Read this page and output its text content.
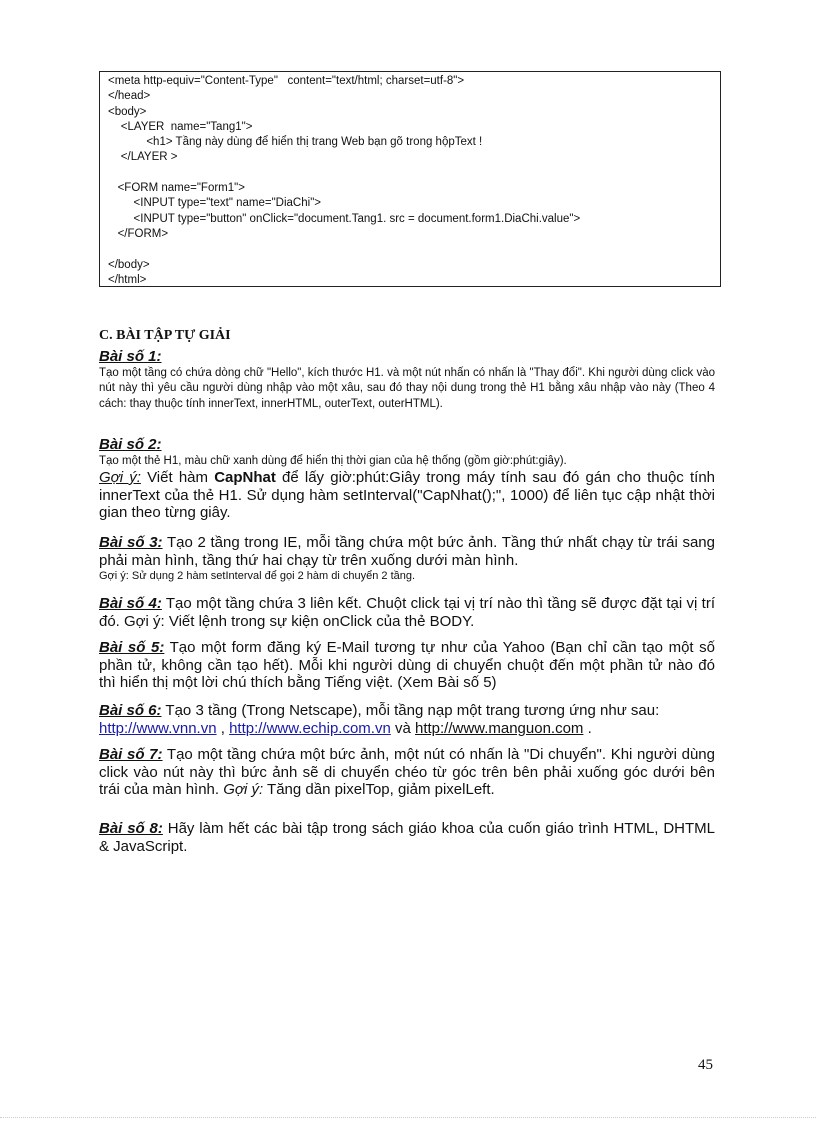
<meta http-equiv="Content-Type"   content="text/html; charset=utf-8">
</head>
<body>
<LAYER  name="Tang1">
<h1> Tầng này dùng để hiển thị trang Web bạn gõ trong hộpText !
</LAYER >

<FORM name="Form1">
<INPUT type="text" name="DiaChi">
<INPUT type="button" onClick="document.Tang1. src = document.form1.DiaChi.value">
</FORM>

</body>
</html>
C. BÀI TẬP TỰ GIẢI
Bài số 1:
Tạo một tầng có chứa dòng chữ "Hello", kích thước H1. và một nút nhấn có nhấn là "Thay đổi". Khi người dùng click vào nút này thì yêu cầu người dùng nhập vào một xâu, sau đó thay nội dung trong thẻ H1 bằng xâu nhập vào này (Theo 4 cách: thay thuộc tính innerText, innerHTML, outerText, outerHTML).
Bài số 2:
Tạo một thẻ H1, màu chữ xanh dùng để hiển thị thời gian của hệ thống (gồm giờ:phút:giây).
Gợi ý: Viết hàm CapNhat để lấy giờ:phút:Giây trong máy tính sau đó gán cho thuộc tính innerText của thẻ H1. Sử dụng hàm setInterval("CapNhat();", 1000) để liên tục cập nhật thời gian theo từng giây.
Bài số 3: Tạo 2 tầng trong IE, mỗi tầng chứa một bức ảnh. Tầng thứ nhất chạy từ trái sang phải màn hình, tầng thứ hai chạy từ trên xuống dưới màn hình.
Gợi ý: Sử dụng 2 hàm setInterval để gọi 2 hàm di chuyển 2 tầng.
Bài số 4: Tạo một tầng chứa 3 liên kết. Chuột click tại vị trí nào thì tầng sẽ được đặt tại vị trí đó. Gợi ý: Viết lệnh trong sự kiện onClick của thẻ BODY.
Bài số 5: Tạo một form đăng ký E-Mail tương tự như của Yahoo (Bạn chỉ cần tạo một số phần tử, không cần tạo hết). Mỗi khi người dùng di chuyển chuột đến một phần tử nào đó thì hiển thị một lời chú thích bằng Tiếng việt. (Xem Bài số 5)
Bài số 6: Tạo 3 tầng (Trong Netscape), mỗi tầng nạp một trang tương ứng như sau:
http://www.vnn.vn , http://www.echip.com.vn và http://www.manguon.com .
Bài số 7: Tạo một tầng chứa một bức ảnh, một nút có nhấn là "Di chuyển". Khi người dùng click vào nút này thì bức ảnh sẽ di chuyển chéo từ góc trên bên phải xuống góc dưới bên trái của màn hình. Gợi ý: Tăng dần pixelTop, giảm pixelLeft.
Bài số 8: Hãy làm hết các bài tập trong sách giáo khoa của cuốn giáo trình HTML, DHTML & JavaScript.
45
